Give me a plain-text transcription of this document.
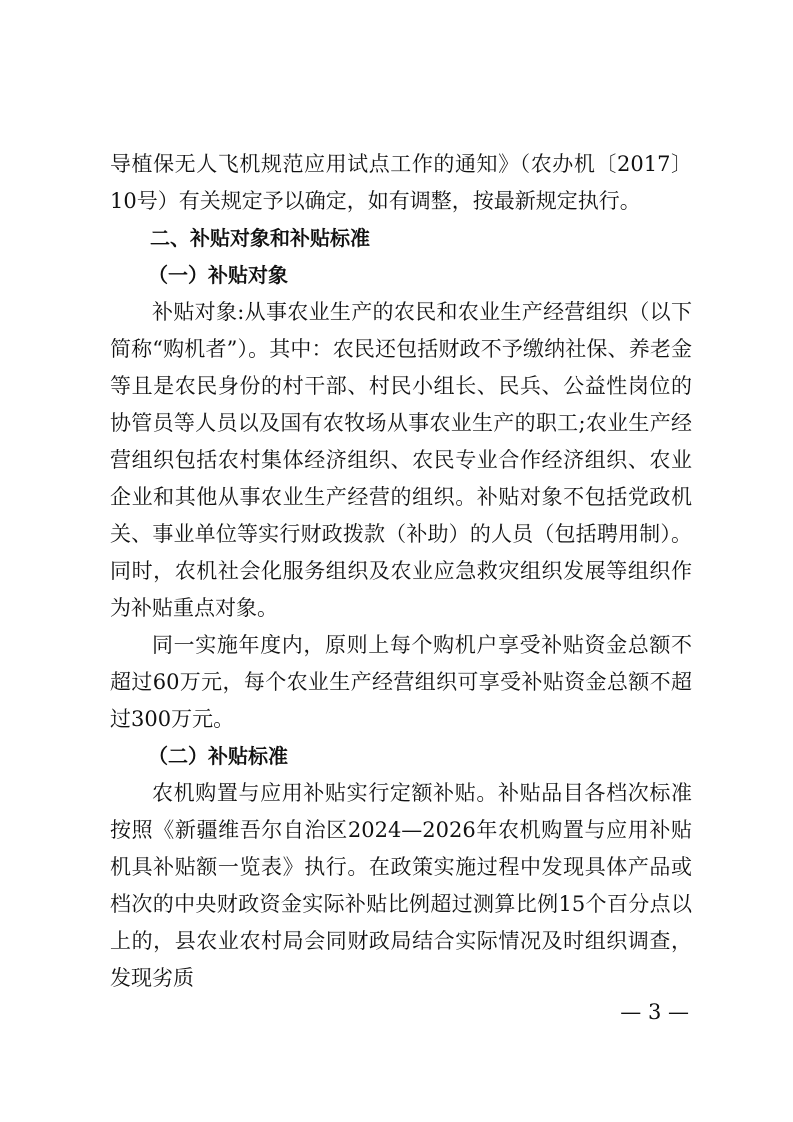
导植保无人飞机规范应用试点工作的通知》（农办机〔2017〕10号）有关规定予以确定，如有调整，按最新规定执行。

二、补贴对象和补贴标准

（一）补贴对象

补贴对象:从事农业生产的农民和农业生产经营组织（以下简称“购机者”）。其中：农民还包括财政不予缴纳社保、养老金等且是农民身份的村干部、村民小组长、民兵、公益性岗位的协管员等人员以及国有农牧场从事农业生产的职工;农业生产经营组织包括农村集体经济组织、农民专业合作经济组织、农业企业和其他从事农业生产经营的组织。补贴对象不包括党政机关、事业单位等实行财政拨款（补助）的人员（包括聘用制）。同时，农机社会化服务组织及农业应急救灾组织发展等组织作为补贴重点对象。

同一实施年度内，原则上每个购机户享受补贴资金总额不超过60万元，每个农业生产经营组织可享受补贴资金总额不超过300万元。

（二）补贴标准

农机购置与应用补贴实行定额补贴。补贴品目各档次标准按照《新疆维吾尔自治区2024—2026年农机购置与应用补贴机具补贴额一览表》执行。在政策实施过程中发现具体产品或档次的中央财政资金实际补贴比例超过测算比例15个百分点以上的，县农业农村局会同财政局结合实际情况及时组织调查，发现劣质

— 3 —
